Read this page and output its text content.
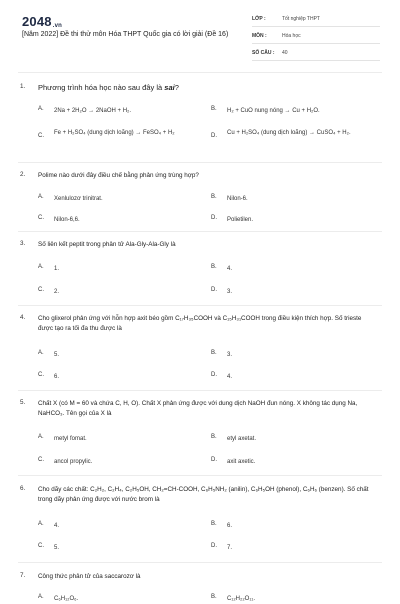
2048.vn
[Năm 2022] Đề thi thử môn Hóa THPT Quốc gia có lời giải (Đề 16)
LỚP :	Tốt nghiệp THPT
MÔN :	Hóa học
SỐ CÂU : 40
1. Phương trình hóa học nào sau đây là sai?
A. 2Na + 2H₂O → 2NaOH + H₂.	B. H₂ + CuO nung nóng → Cu + H₂O.
C. Fe + H₂SO₄ (dung dịch loãng) → FeSO₄ + H₂	D. Cu + H₂SO₄ (dung dịch loãng) → CuSO₄ + H₂.
2. Polime nào dưới đây điều chế bằng phản ứng trùng hợp?
A. Xenlulozơ trinitrat.	B. Nilon-6.
C. Nilon-6,6.	D. Polietilen.
3. Số liên kết peptit trong phân tử Ala-Gly-Ala-Gly là
A. 1.	B. 4.
C. 2.	D. 3.
4. Cho glixerol phản ứng với hỗn hợp axit béo gồm C₁₇H₃₅COOH và C₁₅H₃₁COOH trong điều kiện thích hợp. Số trieste được tạo ra tối đa thu được là
A. 5.	B. 3.
C. 6.	D. 4.
5. Chất X (có M = 60 và chứa C, H, O). Chất X phản ứng được với dung dịch NaOH đun nóng. X không tác dụng Na, NaHCO₃. Tên gọi của X là
A. metyl fomat.	B. etyl axetat.
C. ancol propylic.	D. axit axetic.
6. Cho dãy các chất: C₂H₂, C₂H₄, C₂H₅OH, CH₂=CH-COOH, C₆H₅NH₂ (anilin), C₆H₅OH (phenol), C₆H₆ (benzen). Số chất trong dãy phản ứng được với nước brom là
A. 4.	B. 6.
C. 5.	D. 7.
7. Công thức phân tử của saccarozơ là
A. C₆H₁₂O₆.	B. C₁₂H₂₂O₁₁.
